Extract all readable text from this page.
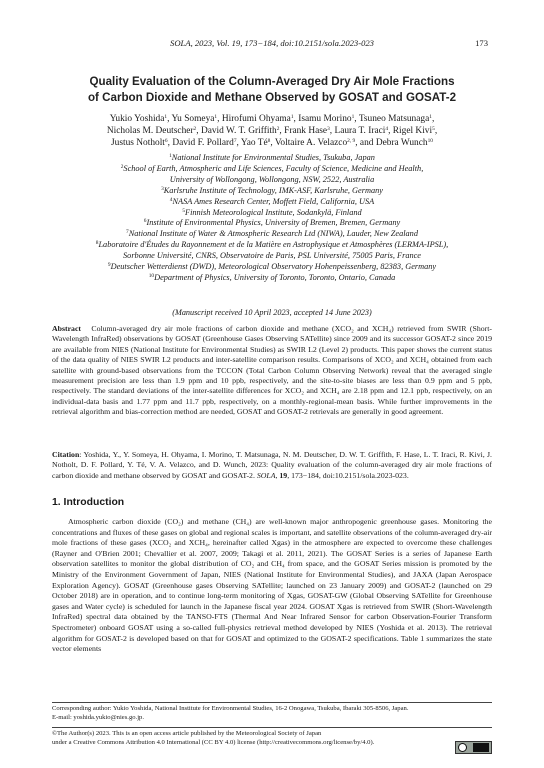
SOLA, 2023, Vol. 19, 173−184, doi:10.2151/sola.2023-023	173
Quality Evaluation of the Column-Averaged Dry Air Mole Fractions
of Carbon Dioxide and Methane Observed by GOSAT and GOSAT-2
Yukio Yoshida$^1$, Yu Someya$^1$, Hirofumi Ohyama$^1$, Isamu Morino$^1$, Tsuneo Matsunaga$^1$,
Nicholas M. Deutscher$^2$, David W. T. Griffith$^2$, Frank Hase$^3$, Laura T. Iraci$^4$, Rigel Kivi$^5$,
Justus Notholt$^6$, David F. Pollard$^7$, Yao $Té^8$, Voltaire A. Velazco$^{2, 9}$, and Debra Wunch$^{10}$
$^1$National Institute for Environmental Studies, Tsukuba, Japan
$^2$School of Earth, Atmospheric and Life Sciences, Faculty of Science, Medicine and Health,
University of Wollongong, Wollongong, NSW, 2522, Australia
$^3$Karlsruhe Institute of Technology, IMK-ASF, Karlsruhe, Germany
$^4$NASA Ames Research Center, Moffett Field, California, USA
$^5$Finnish Meteorological Institute, Sodankylä, Finland
$^6$Institute of Environmental Physics, University of Bremen, Bremen, Germany
$^7$National Institute of Water & Atmospheric Research Ltd (NIWA), Lauder, New Zealand
$^8$Laboratoire d'Études du Rayonnement et de la Matière en Astrophysique et Atmosphères (LERMA-IPSL),
Sorbonne Université, CNRS, Observatoire de Paris, PSL Université, 75005 Paris, France
$^9$Deutscher Wetterdienst (DWD), Meteorological Observatory Hohenpeissenberg, 82383, Germany
$^{10}$Department of Physics, University of Toronto, Toronto, Ontario, Canada
(Manuscript received 10 April 2023, accepted 14 June 2023)
Abstract Column-averaged dry air mole fractions of carbon dioxide and methane (XCO₂ and XCH₄) retrieved from SWIR (Short-Wavelength InfraRed) observations by GOSAT (Greenhouse Gases Observing SATellite) since 2009 and its successor GOSAT-2 since 2019 are available from NIES (National Institute for Environmental Studies) as SWIR L2 (Level 2) products. This paper shows the current status of the data quality of NIES SWIR L2 products and inter-satellite comparison results. Comparisons of XCO₂ and XCH₄ obtained from each satellite with ground-based observations from the TCCON (Total Carbon Column Observing Network) reveal that the averaged single measurement precision are less than 1.9 ppm and 10 ppb, respectively, and the site-to-site biases are less than 0.9 ppm and 5 ppb, respectively. The standard deviations of the inter-satellite differences for XCO₂ and XCH₄ are 2.18 ppm and 12.1 ppb, respectively, on an individual-data basis and 1.77 ppm and 11.7 ppb, respectively, on a monthly-regional-mean basis. While further improvements in the retrieval algorithm and bias-correction method are needed, GOSAT and GOSAT-2 retrievals are generally in good agreement.
Citation: Yoshida, Y., Y. Someya, H. Ohyama, I. Morino, T. Matsunaga, N. M. Deutscher, D. W. T. Griffith, F. Hase, L. T. Iraci, R. Kivi, J. Notholt, D. F. Pollard, Y. Té, V. A. Velazco, and D. Wunch, 2023: Quality evaluation of the column-averaged dry air mole fractions of carbon dioxide and methane observed by GOSAT and GOSAT-2. SOLA, 19, 173−184, doi:10.2151/sola.2023-023.
1. Introduction
Atmospheric carbon dioxide (CO₂) and methane (CH₄) are well-known major anthropogenic greenhouse gases. Monitoring the concentrations and fluxes of these gases on global and regional scales is important, and satellite observations of the column-averaged dry-air mole fractions of these gases (XCO₂ and XCH₄, hereinafter called Xgas) in the atmosphere are expected to overcome these challenges (Rayner and O'Brien 2001; Chevallier et al. 2007, 2009; Takagi et al. 2011, 2021). The GOSAT Series is a series of Japanese Earth observation satellites to monitor the global distribution of CO₂ and CH₄ from space, and the GOSAT Series mission is promoted by the Ministry of the Environment Government of Japan, NIES (National Institute for Environmental Studies), and JAXA (Japan Aerospace Exploration Agency). GOSAT (Greenhouse gases Observing SATellite; launched on 23 January 2009) and GOSAT-2 (launched on 29 October 2018) are in operation, and to continue long-term monitoring of Xgas, GOSAT-GW (Global Observing SATellite for Greenhouse gases and Water cycle) is scheduled for launch in the Japanese fiscal year 2024. GOSAT Xgas is retrieved from SWIR (Short-Wavelength InfraRed) spectral data obtained by the TANSO-FTS (Thermal And Near Infrared Sensor for carbon Observation-Fourier Transform Spectrometer) onboard GOSAT using a so-called full-physics retrieval method developed by NIES (Yoshida et al. 2013). The retrieval algorithm for GOSAT-2 is developed based on that for GOSAT and optimized to the GOSAT-2 specifications. Table 1 summarizes the state vector elements
Corresponding author: Yukio Yoshida, National Institute for Environmental Studies, 16-2 Onogawa, Tsukuba, Ibaraki 305-8506, Japan.
E-mail: yoshida.yukio@nies.go.jp.
©The Author(s) 2023. This is an open access article published by the Meteorological Society of Japan
under a Creative Commons Attribution 4.0 International (CC BY 4.0) license (http://creativecommons.org/license/by/4.0).
